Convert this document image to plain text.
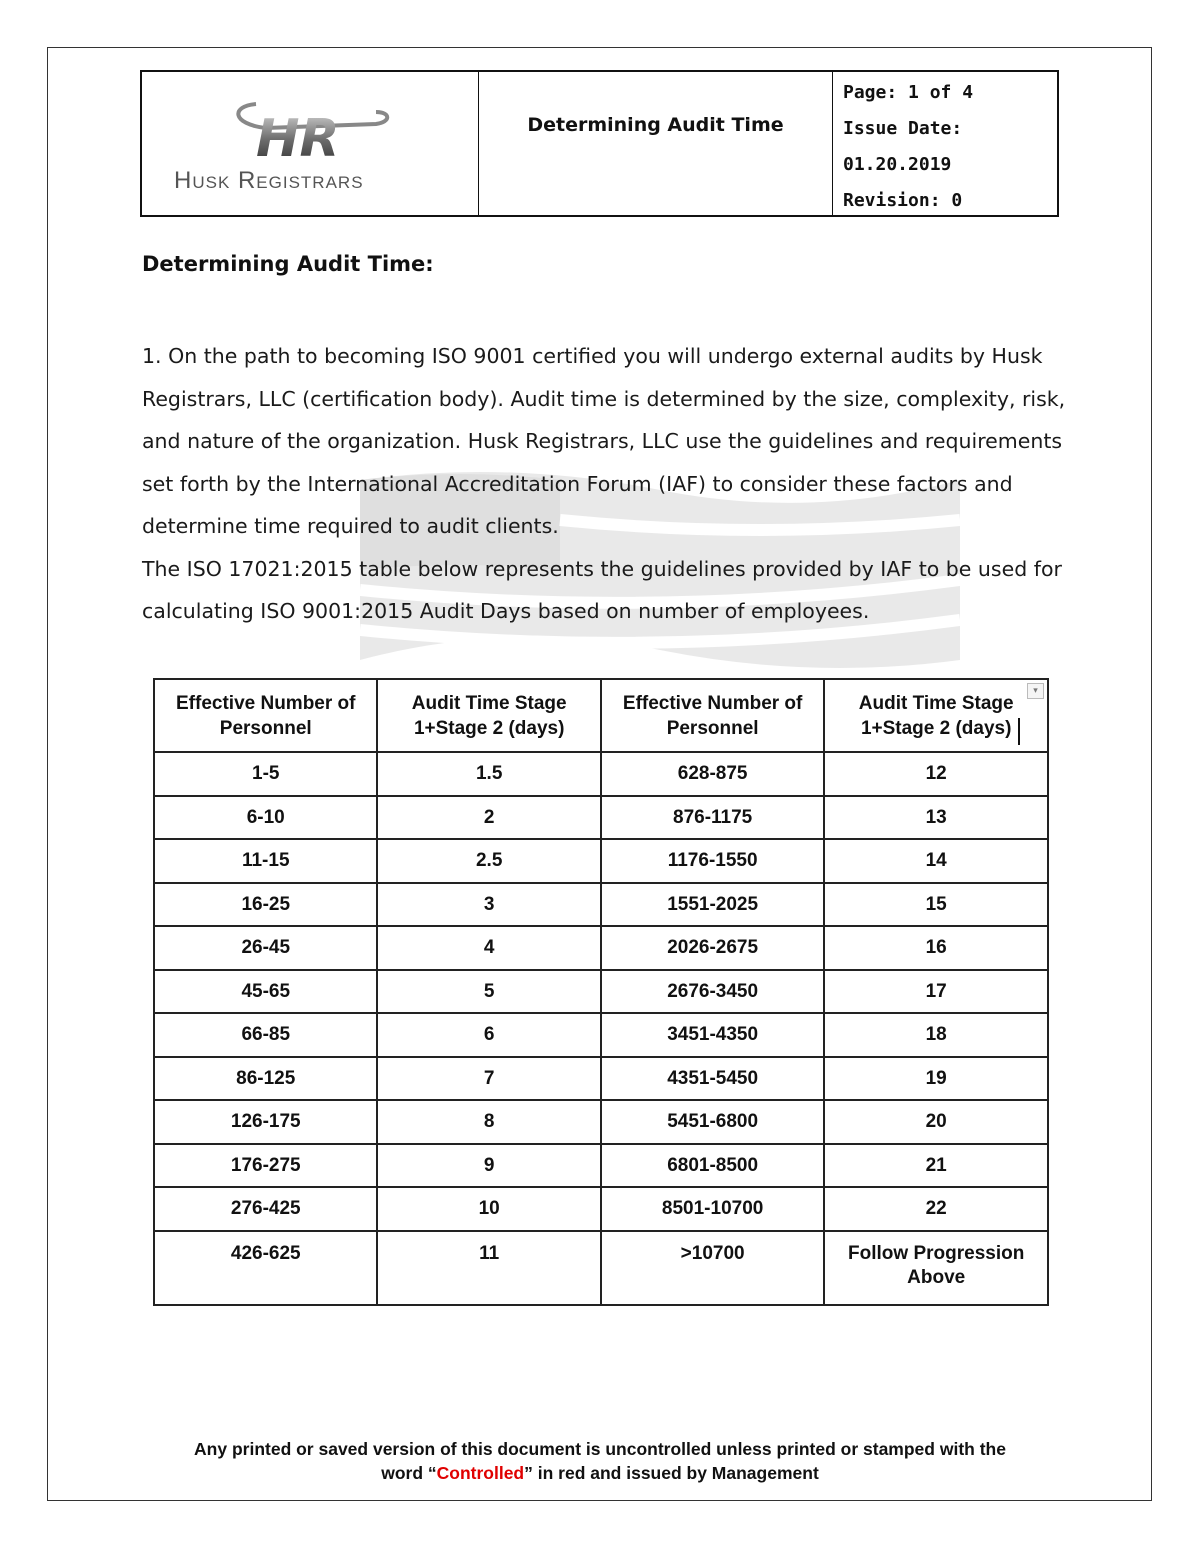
HR
Husk Registrars
Determining Audit Time
Page: 1 of 4
Issue Date:
01.20.2019
Revision: 0
Determining Audit Time:

1. On the path to becoming ISO 9001 certified you will undergo external audits by Husk Registrars, LLC (certification body). Audit time is determined by the size, complexity, risk, and nature of the organization. Husk Registrars, LLC use the guidelines and requirements set forth by the International Accreditation Forum (IAF) to consider these factors and determine time required to audit clients.

The ISO 17021:2015 table below represents the guidelines provided by IAF to be used for calculating ISO 9001:2015 Audit Days based on number of employees.

Effective Number of Personnel	Audit Time Stage 1+Stage 2 (days)	Effective Number of Personnel	Audit Time Stage 1+Stage 2 (days)
1-5	1.5	628-875	12
6-10	2	876-1175	13
11-15	2.5	1176-1550	14
16-25	3	1551-2025	15
26-45	4	2026-2675	16
45-65	5	2676-3450	17
66-85	6	3451-4350	18
86-125	7	4351-5450	19
126-175	8	5451-6800	20
176-275	9	6801-8500	21
276-425	10	8501-10700	22
426-625	11	>10700	Follow Progression Above
▾
Any printed or saved version of this document is uncontrolled unless printed or stamped with the
word “Controlled” in red and issued by Management
